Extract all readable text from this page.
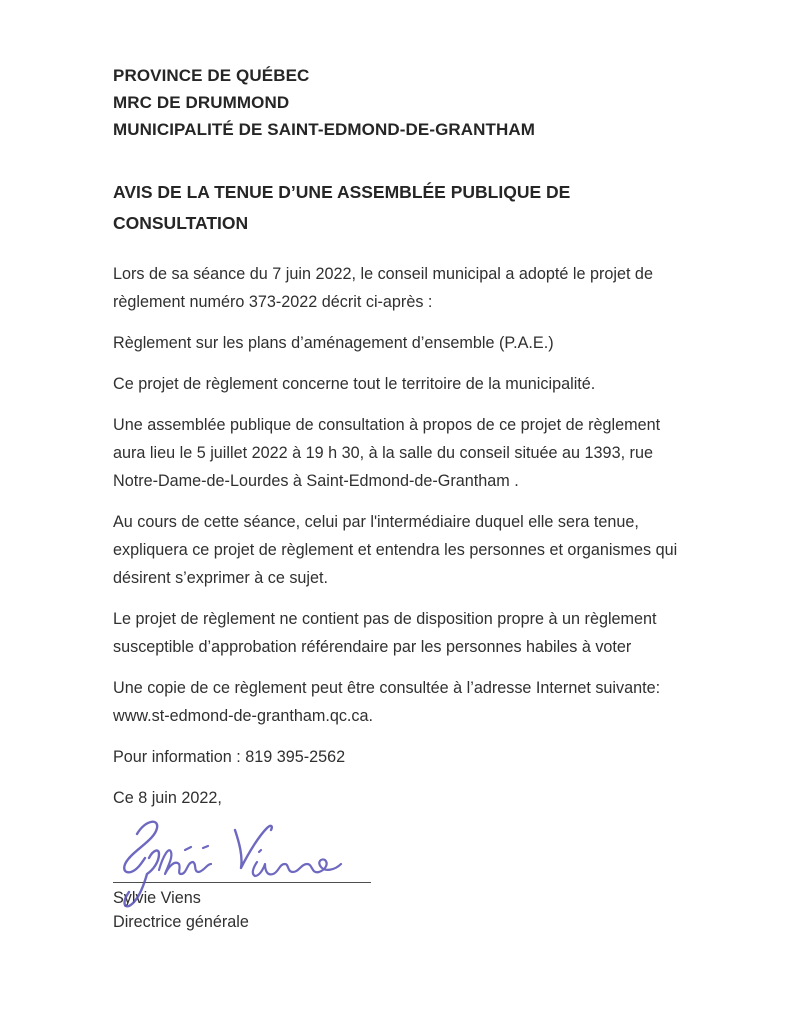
PROVINCE DE QUÉBEC
MRC DE DRUMMOND
MUNICIPALITÉ DE SAINT-EDMOND-DE-GRANTHAM
AVIS DE LA TENUE D’UNE ASSEMBLÉE PUBLIQUE DE CONSULTATION

Lors de sa séance du 7 juin 2022, le conseil municipal a adopté le projet de règlement numéro 373-2022 décrit ci-après :

Règlement sur les plans d’aménagement d’ensemble (P.A.E.)

Ce projet de règlement concerne tout le territoire de la municipalité.

Une assemblée publique de consultation à propos de ce projet de règlement aura lieu le 5 juillet 2022 à 19 h 30, à la salle du conseil située au 1393, rue Notre-Dame-de-Lourdes à Saint-Edmond-de-Grantham .

Au cours de cette séance, celui par l'intermédiaire duquel elle sera tenue, expliquera ce projet de règlement et entendra les personnes et organismes qui désirent s’exprimer à ce sujet.

Le projet de règlement ne contient pas de disposition propre à un règlement susceptible d’approbation référendaire par les personnes habiles à voter

Une copie de ce règlement peut être consultée à l’adresse Internet suivante: www.st-edmond-de-grantham.qc.ca.

Pour information : 819 395-2562

Ce 8 juin 2022,

Sylvie Viens
Directrice générale
